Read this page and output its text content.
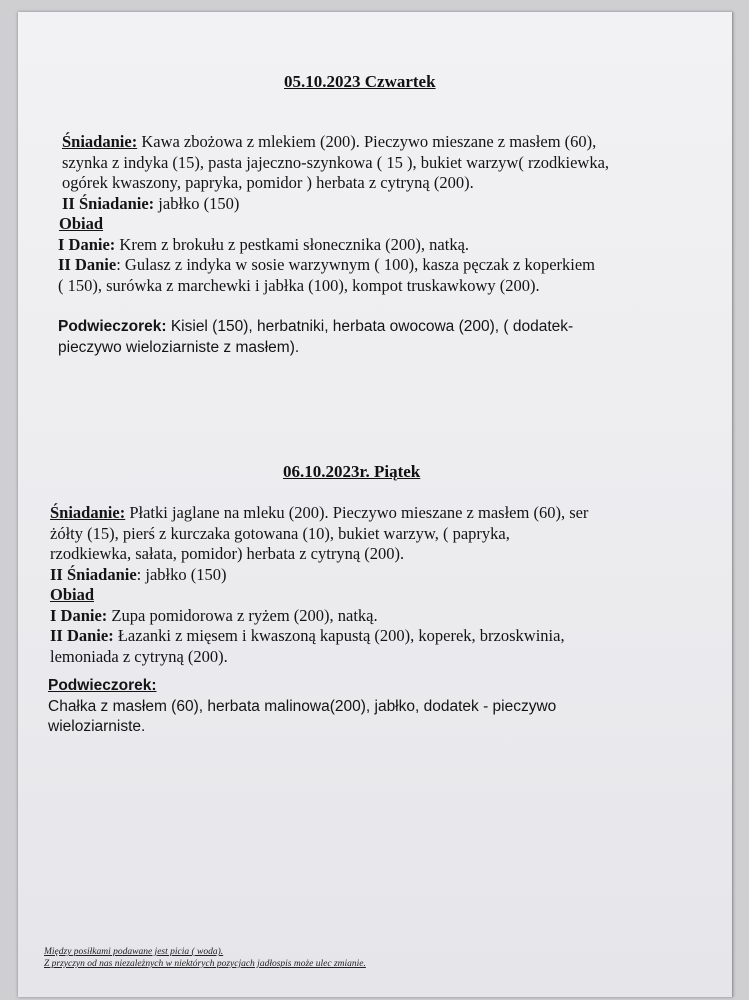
05.10.2023 Czwartek
Śniadanie: Kawa zbożowa z mlekiem (200). Pieczywo mieszane z masłem (60),
szynka z indyka (15), pasta jajeczno-szynkowa ( 15 ), bukiet warzyw( rzodkiewka,
ogórek kwaszony, papryka, pomidor ) herbata z cytryną (200).
II Śniadanie: jabłko (150)
Obiad
I Danie: Krem z brokułu z pestkami słonecznika (200), natką.
II Danie: Gulasz z indyka w sosie warzywnym ( 100), kasza pęczak z koperkiem
( 150), surówka z marchewki i jabłka (100), kompot truskawkowy (200).
Podwieczorek: Kisiel (150), herbatniki, herbata owocowa (200), ( dodatek-
pieczywo wieloziarniste z masłem).
06.10.2023r. Piątek
Śniadanie: Płatki jaglane na mleku (200). Pieczywo mieszane z masłem (60), ser
żółty (15), pierś z kurczaka gotowana (10), bukiet warzyw, ( papryka,
rzodkiewka, sałata, pomidor) herbata z cytryną (200).
II Śniadanie: jabłko (150)
Obiad
I Danie: Zupa pomidorowa z ryżem (200), natką.
II Danie: Łazanki z mięsem i kwaszoną kapustą (200), koperek, brzoskwinia,
lemoniada z cytryną (200).
Podwieczorek:
Chałka z masłem (60), herbata malinowa(200), jabłko, dodatek - pieczywo
wieloziarniste.
Między posiłkami podawane jest picia ( woda).
Z przyczyn od nas niezależnych w niektórych pozycjach jadłospis może ulec zmianie.
